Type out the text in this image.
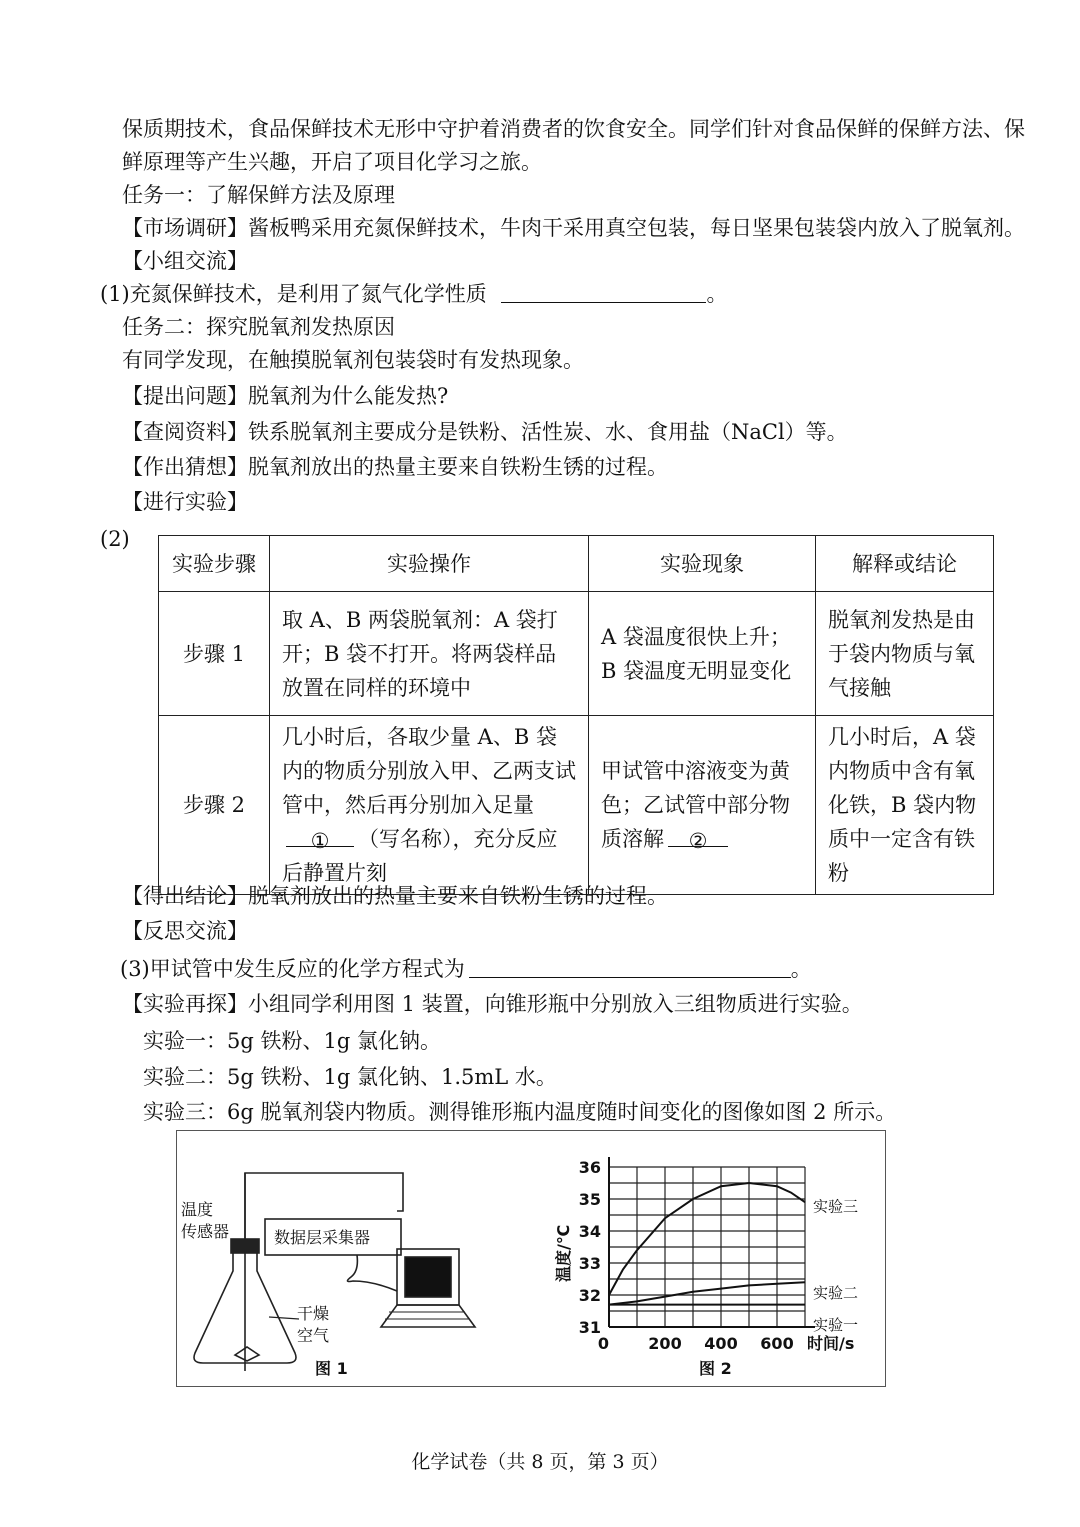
保质期技术，食品保鲜技术无形中守护着消费者的饮食安全。同学们针对食品保鲜的保鲜方法、保
鲜原理等产生兴趣，开启了项目化学习之旅。
任务一：了解保鲜方法及原理
【市场调研】酱板鸭采用充氮保鲜技术，牛肉干采用真空包装，每日坚果包装袋内放入了脱氧剂。
【小组交流】
(1)充氮保鲜技术，是利用了氮气化学性质	。
任务二：探究脱氧剂发热原因
有同学发现，在触摸脱氧剂包装袋时有发热现象。
【提出问题】脱氧剂为什么能发热?
【查阅资料】铁系脱氧剂主要成分是铁粉、活性炭、水、食用盐（NaCl）等。
【作出猜想】脱氧剂放出的热量主要来自铁粉生锈的过程。
【进行实验】
(2)
实验步骤	实验操作	实验现象	解释或结论
步骤 1	取 A、B 两袋脱氧剂：A 袋打开；B 袋不打开。将两袋样品放置在同样的环境中	A 袋温度很快上升；B 袋温度无明显变化	脱氧剂发热是由于袋内物质与氧气接触
步骤 2	几小时后，各取少量 A、B 袋内的物质分别放入甲、乙两支试管中，然后再分别加入足量① （写名称），充分反应后静置片刻	甲试管中溶液变为黄色；乙试管中部分物质溶解 ②	几小时后，A 袋内物质中含有氧化铁，B 袋内物质中一定含有铁粉
【得出结论】脱氧剂放出的热量主要来自铁粉生锈的过程。
【反思交流】
(3)甲试管中发生反应的化学方程式为	。
【实验再探】小组同学利用图 1 装置，向锥形瓶中分别放入三组物质进行实验。
实验一：5g 铁粉、1g 氯化钠。
实验二：5g 铁粉、1g 氯化钠、1.5mL 水。
实验三：6g 脱氧剂袋内物质。测得锥形瓶内温度随时间变化的图像如图 2 所示。
温度
传感器	数据层采集器
干燥
空气
图 1
31
32
33
34
35
36
0 200 400 600
温度/℃
时间/s
实验三
实验二
实验一
图 2
化学试卷（共 8 页，第 3 页）
